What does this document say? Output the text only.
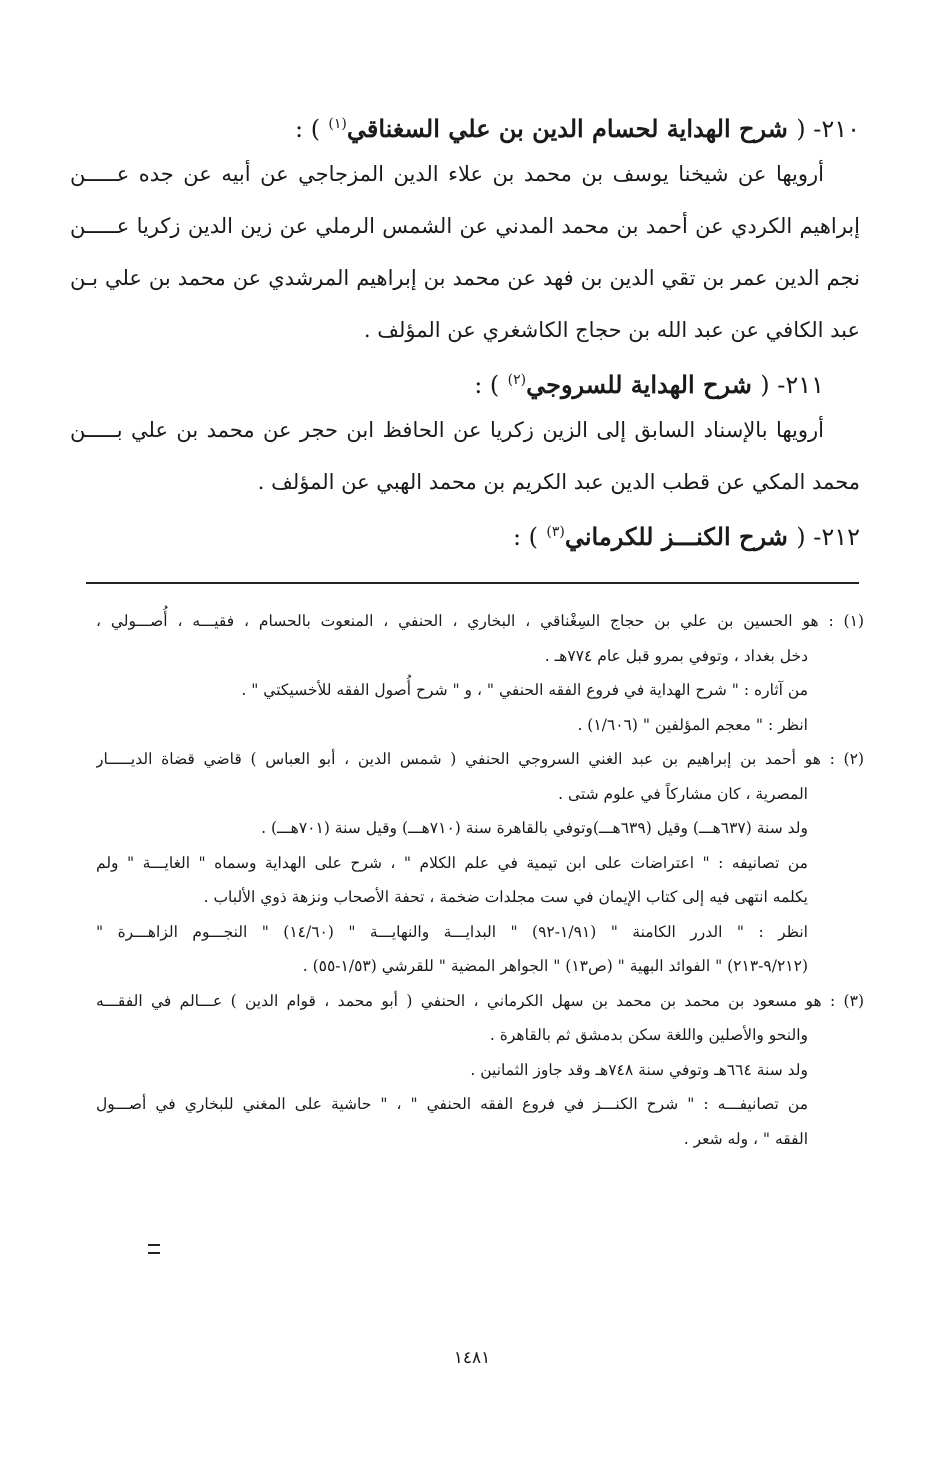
٢١٠- ( شرح الهداية لحسام الدين بن علي السغناقي$^{(١)}$ ) :
أرويها عن شيخنا يوسف بن محمد بن علاء الدين المزجاجي عن أبيه عن جده عـــــن
إبراهيم الكردي عن أحمد بن محمد المدني عن الشمس الرملي عن زين الدين زكريا عـــــن
نجم الدين عمر بن تقي الدين بن فهد عن محمد بن إبراهيم المرشدي عن محمد بن علي بـن
عبد الكافي عن عبد الله بن حجاج الكاشغري عن المؤلف .
٢١١- ( شرح الهداية للسروجي$^{(٢)}$ ) :
أرويها بالإسناد السابق إلى الزين زكريا عن الحافظ ابن حجر عن محمد بن علي بـــــن
محمد المكي عن قطب الدين عبد الكريم بن محمد الهبي عن المؤلف .
٢١٢- ( شرح الكنـــز للكرماني$^{(٣)}$ ) :
(١) : هو الحسين بن علي بن حجاج السِغْناقي ، البخاري ، الحنفي ، المنعوت بالحسام ، فقيـــه ، أُصـــولي ،
دخل بغداد ، وتوفي بمرو قبل عام ٧٧٤هـ .
من آثاره : " شرح الهداية في فروع الفقه الحنفي " ، و " شرح أُصول الفقه للأخسيكتي " .
انظر : " معجم المؤلفين " (١/٦٠٦) .
(٢) : هو أحمد بن إبراهيم بن عبد الغني السروجي الحنفي ( شمس الدين ، أبو العباس ) قاضي قضاة الديـــــار
المصرية ، كان مشاركاً في علوم شتى .
ولد سنة (٦٣٧هـــ) وقيل (٦٣٩هـــ)وتوفي بالقاهرة سنة (٧١٠هـــ) وقيل سنة (٧٠١هـــ) .
من تصانيفه : " اعتراضات على ابن تيمية في علم الكلام " ، شرح على الهداية وسماه " الغايـــة " ولم
يكلمه انتهى فيه إلى كتاب الإيمان في ست مجلدات ضخمة ، تحفة الأصحاب ونزهة ذوي الألباب .
انظر : " الدرر الكامنة " (١/٩١-٩٢) " البدايـــة والنهايـــة " (١٤/٦٠) " النجـــوم الزاهـــرة "
(٩/٢١٢-٢١٣) " الفوائد البهية " (ص١٣) " الجواهر المضية " للقرشي (١/٥٣-٥٥) .
(٣) : هو مسعود بن محمد بن محمد بن سهل الكرماني ، الحنفي ( أبو محمد ، قوام الدين ) عـــالم في الفقـــه
والنحو والأصلين واللغة سكن بدمشق ثم بالقاهرة .
ولد سنة ٦٦٤هـ وتوفي سنة ٧٤٨هـ وقد جاوز الثمانين .
من تصانيفـــه : " شرح الكنـــز في فروع الفقه الحنفي " ، " حاشية على المغني للبخاري في أصـــول
الفقه " ، وله شعر .
١٤٨١
